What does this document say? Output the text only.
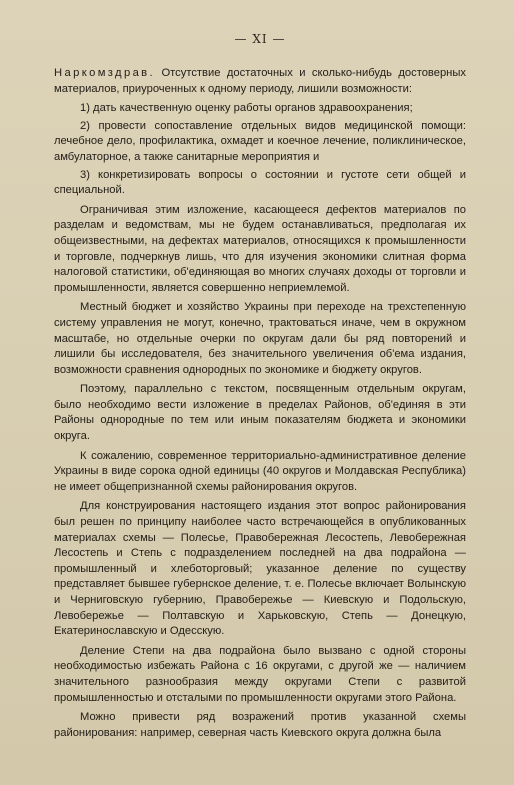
— XI —

Наркомздрав. Отсутствие достаточных и сколько-нибудь достоверных материалов, приуроченных к одному периоду, лишили возможности:

1) дать качественную оценку работы органов здравоохранения;

2) провести сопоставление отдельных видов медицинской помощи: лечебное дело, профилактика, охмадет и коечное лечение, поликлиническое, амбулаторное, а также санитарные мероприятия и

3) конкретизировать вопросы о состоянии и густоте сети общей и специальной.

Ограничивая этим изложение, касающееся дефектов материалов по разделам и ведомствам, мы не будем останавливаться, предполагая их общеизвестными, на дефектах материалов, относящихся к промышленности и торговле, подчеркнув лишь, что для изучения экономики слитная форма налоговой статистики, об'единяющая во многих случаях доходы от торговли и промышленности, является совершенно неприемлемой.

Местный бюджет и хозяйство Украины при переходе на трехстепенную систему управления не могут, конечно, трактоваться иначе, чем в окружном масштабе, но отдельные очерки по округам дали бы ряд повторений и лишили бы исследователя, без значительного увеличения об'ема издания, возможности сравнения однородных по экономике и бюджету округов.

Поэтому, параллельно с текстом, посвященным отдельным округам, было необходимо вести изложение в пределах Районов, об'единяя в эти Районы однородные по тем или иным показателям бюджета и экономики округа.

К сожалению, современное территориально-административное деление Украины в виде сорока одной единицы (40 округов и Молдавская Республика) не имеет общепризнанной схемы районирования округов.

Для конструирования настоящего издания этот вопрос районирования был решен по принципу наиболее часто встречающейся в опубликованных материалах схемы — Полесье, Правобережная Лесостепь, Левобережная Лесостепь и Степь с подразделением последней на два подрайона — промышленный и хлеботорговый; указанное деление по существу представляет бывшее губернское деление, т. е. Полесье включает Волынскую и Черниговскую губернию, Правобережье — Киевскую и Подольскую, Левобережье — Полтавскую и Харьковскую, Степь — Донецкую, Екатеринославскую и Одесскую.

Деление Степи на два подрайона было вызвано с одной стороны необходимостью избежать Района с 16 округами, с другой же — наличием значительного разнообразия между округами Степи с развитой промышленностью и отсталыми по промышленности округами этого Района.

Можно привести ряд возражений против указанной схемы районирования: например, северная часть Киевского округа должна была
